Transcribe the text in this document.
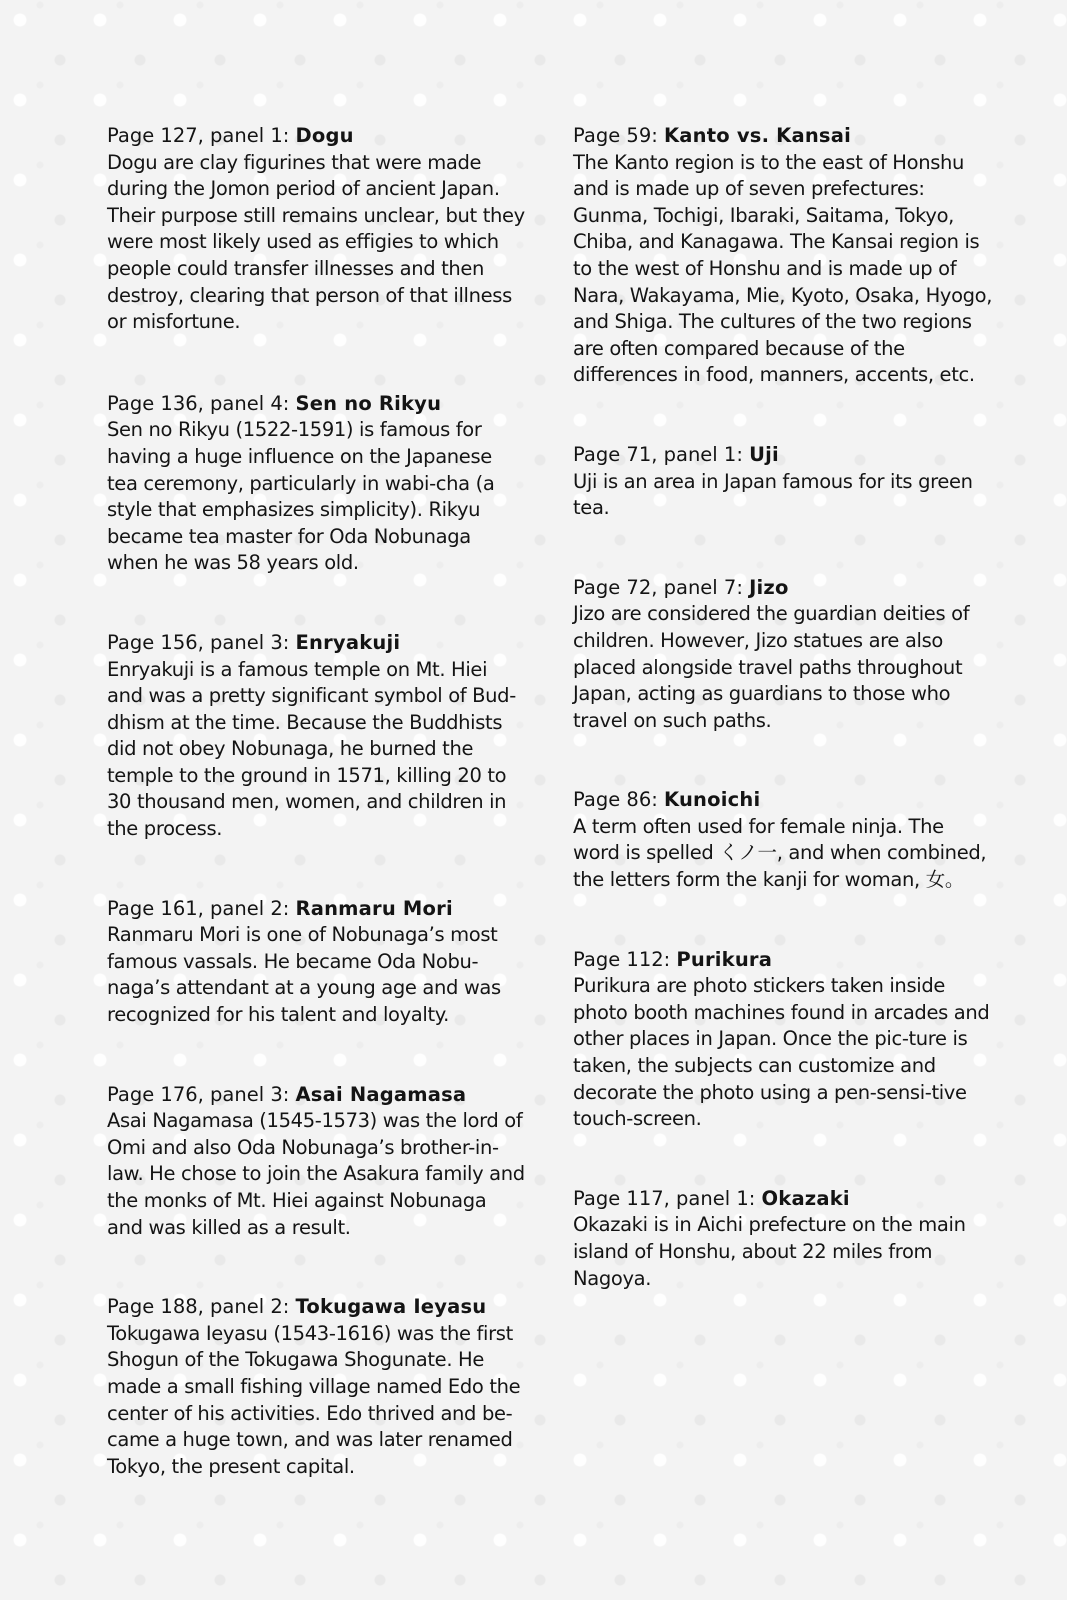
Page 127, panel 1: Dogu

Dogu are clay figurines that were made during the Jomon period of ancient Japan. Their purpose still remains unclear, but they were most likely used as effigies to which people could transfer illnesses and then destroy, clearing that person of that illness or misfortune.

Page 136, panel 4: Sen no Rikyu

Sen no Rikyu (1522-1591) is famous for having a huge influence on the Japanese tea ceremony, particularly in wabi-cha (a style that emphasizes simplicity). Rikyu became tea master for Oda Nobunaga when he was 58 years old.

Page 156, panel 3: Enryakuji

Enryakuji is a famous temple on Mt. Hiei and was a pretty significant symbol of Bud-dhism at the time. Because the Buddhists did not obey Nobunaga, he burned the temple to the ground in 1571, killing 20 to 30 thousand men, women, and children in the process.

Page 161, panel 2: Ranmaru Mori

Ranmaru Mori is one of Nobunaga’s most famous vassals. He became Oda Nobu-naga’s attendant at a young age and was recognized for his talent and loyalty.

Page 176, panel 3: Asai Nagamasa

Asai Nagamasa (1545-1573) was the lord of Omi and also Oda Nobunaga’s brother-in-law. He chose to join the Asakura family and the monks of Mt. Hiei against Nobunaga and was killed as a result.

Page 188, panel 2: Tokugawa Ieyasu

Tokugawa Ieyasu (1543-1616) was the first Shogun of the Tokugawa Shogunate. He made a small fishing village named Edo the center of his activities. Edo thrived and be-came a huge town, and was later renamed Tokyo, the present capital.

Page 59: Kanto vs. Kansai

The Kanto region is to the east of Honshu and is made up of seven prefectures: Gunma, Tochigi, Ibaraki, Saitama, Tokyo, Chiba, and Kanagawa. The Kansai region is to the west of Honshu and is made up of Nara, Wakayama, Mie, Kyoto, Osaka, Hyogo, and Shiga. The cultures of the two regions are often compared because of the differences in food, manners, accents, etc.

Page 71, panel 1: Uji

Uji is an area in Japan famous for its green tea.

Page 72, panel 7: Jizo

Jizo are considered the guardian deities of children. However, Jizo statues are also placed alongside travel paths throughout Japan, acting as guardians to those who travel on such paths.

Page 86: Kunoichi

A term often used for female ninja. The word is spelled くノ一, and when combined, the letters form the kanji for woman, 女。

Page 112: Purikura

Purikura are photo stickers taken inside photo booth machines found in arcades and other places in Japan. Once the pic-ture is taken, the subjects can customize and decorate the photo using a pen-sensi-tive touch-screen.

Page 117, panel 1: Okazaki

Okazaki is in Aichi prefecture on the main island of Honshu, about 22 miles from Nagoya.
